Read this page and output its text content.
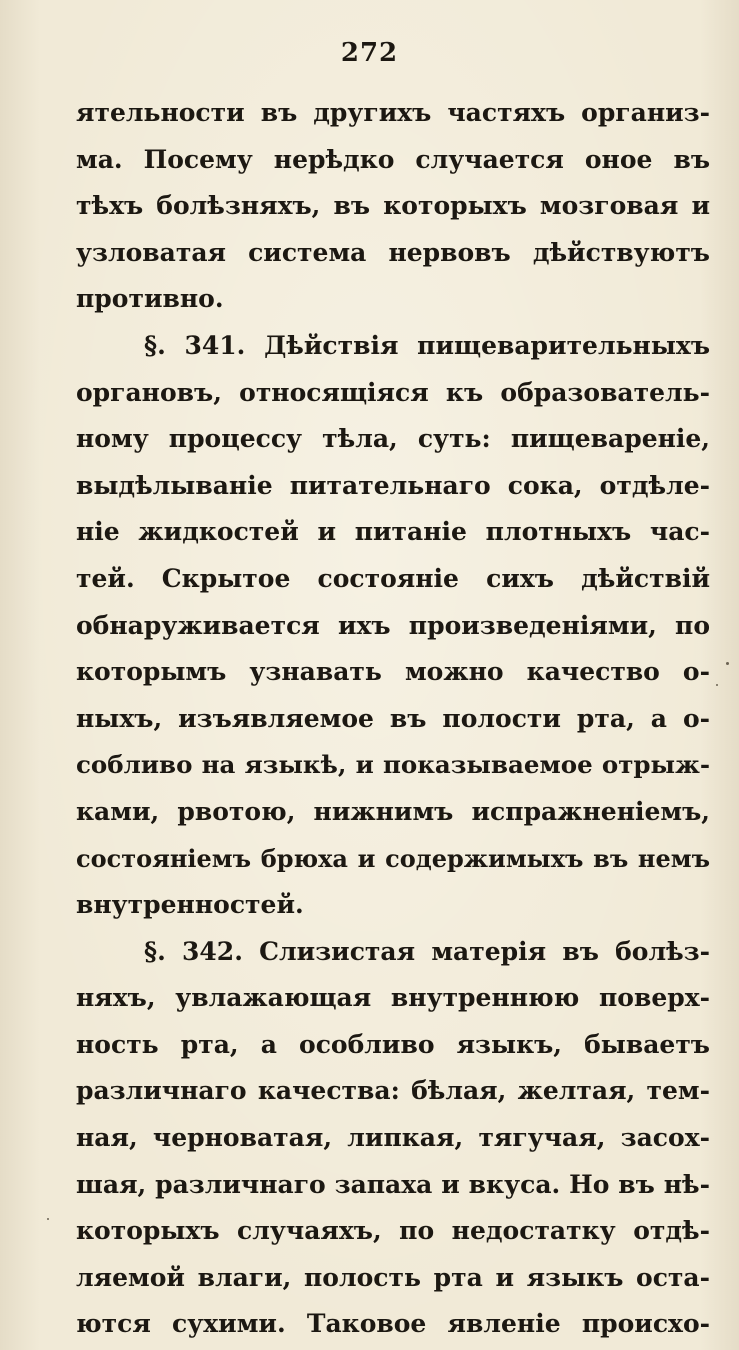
272
ятельности въ другихъ частяхъ организ-
ма. Посему нерѣдко случается оное въ
тѣхъ болѣзняхъ, въ которыхъ мозговая и
узловатая система нервовъ дѣйствуютъ
противно.
§. 341. Дѣйствія пищеварительныхъ
органовъ, относящіяся къ образователь-
ному процессу тѣла, суть: пищевареніе,
выдѣлываніе питательнаго сока, отдѣле-
ніе жидкостей и питаніе плотныхъ час-
тей. Скрытое состояніе сихъ дѣйствій
обнаруживается ихъ произведеніями, по
которымъ узнавать можно качество о-
ныхъ, изъявляемое въ полости рта, а о-
собливо на языкѣ, и показываемое отрыж-
ками, рвотою, нижнимъ испражненіемъ,
состояніемъ брюха и содержимыхъ въ немъ
внутренностей.
§. 342. Слизистая матерія въ болѣз-
няхъ, увлажающая внутреннюю поверх-
ность рта, а особливо языкъ, бываетъ
различнаго качества: бѣлая, желтая, тем-
ная, черноватая, липкая, тягучая, засох-
шая, различнаго запаха и вкуса. Но въ нѣ-
которыхъ случаяхъ, по недостатку отдѣ-
ляемой влаги, полость рта и языкъ оста-
ются сухими. Таковое явленіе происхо-
